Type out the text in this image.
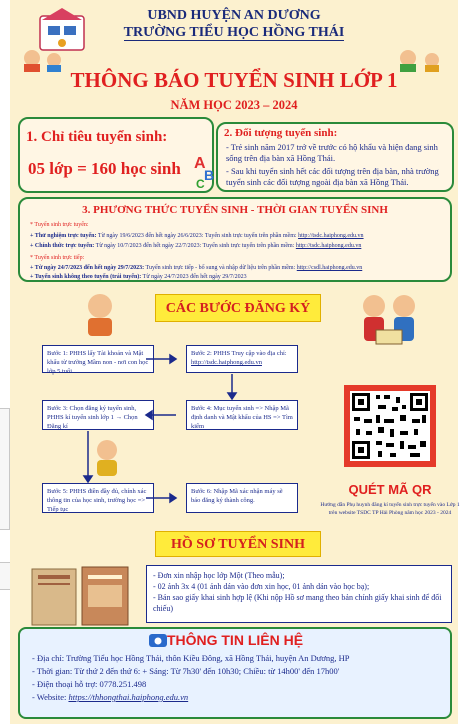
UBND HUYỆN AN DƯƠNG
TRƯỜNG TIỂU HỌC HỒNG THÁI
THÔNG BÁO TUYỂN SINH LỚP 1
NĂM HỌC 2023 – 2024
1. Chỉ tiêu tuyển sinh:
05 lớp = 160 học sinh A
B
C
2. Đối tượng tuyển sinh:
- Trẻ sinh năm 2017 trở về trước có hộ khẩu và hiện đang sinh sống trên địa bàn xã Hồng Thái.
- Sau khi tuyển sinh hết các đối tượng trên địa bàn, nhà trường tuyển sinh các đối tượng ngoài địa bàn xã Hồng Thái.
3. PHƯƠNG THỨC TUYỂN SINH - THỜI GIAN TUYỂN SINH
* Tuyển sinh trực tuyến:
+ Thử nghiệm trực tuyến: Từ ngày 19/6/2023 đến hết ngày 26/6/2023: Tuyển sinh trực tuyến trên phần mềm: http://tsdc.haiphong.edu.vn
+ Chính thức trực tuyến: Từ ngày 10/7/2023 đến hết ngày 22/7/2023: Tuyển sinh trực tuyến trên phần mềm: http://tsdc.haiphong.edu.vn
* Tuyển sinh trực tiếp:
+ Từ ngày 24/7/2023 đến hết ngày 29/7/2023: Tuyển sinh trực tiếp - bổ sung và nhập dữ liệu trên phần mềm: http://csdl.haiphong.edu.vn
+ Tuyển sinh không theo tuyến (trái tuyến): Từ ngày 24/7/2023 đến hết ngày 29/7/2023
CÁC BƯỚC ĐĂNG KÝ
Bước 1: PHHS lấy Tài khoản và Mật khẩu từ trường Mầm non - nơi con học lớp 5 tuổi.
Bước 2: PHHS Truy cập vào địa chỉ:
http://tsdc.haiphong.edu.vn
Bước 3: Chọn đăng ký tuyển sinh, PHHS kí tuyển sinh lớp 1 → Chọn Đăng kí
Bước 4: Mục tuyển sinh => Nhập Mã định danh và Mật khẩu của HS => Tìm kiếm
Bước 5: PHHS điền đầy đủ, chính xác thông tin của học sinh, trường học => Tiếp tục
Bước 6: Nhập Mã xác nhận máy sẽ báo đăng ký thành công.
QUÉT MÃ QR
Hướng dẫn Phụ huynh đăng kí tuyển sinh trực tuyến vào Lớp 1 trên website TSDC TP Hải Phòng năm học 2023 - 2024
HỒ SƠ TUYỂN SINH
- Đơn xin nhập học lớp Một (Theo mẫu);
- 02 ảnh 3x 4 (01 ảnh dán vào đơn xin học, 01 ảnh dán vào học bạ);
- Bản sao giấy khai sinh hợp lệ (Khi nộp Hồ sơ mang theo bản chính giấy khai sinh để đối chiếu)
THÔNG TIN LIÊN HỆ
- Địa chỉ: Trường Tiểu học Hồng Thái, thôn Kiều Đông, xã Hồng Thái, huyện An Dương, HP
- Thời gian: Từ thứ 2 đến thứ 6: + Sáng: Từ 7h30' đến 10h30; Chiều: từ 14h00' đến 17h00'
- Điện thoại hỗ trợ: 0778.251.498
- Website: https://thhongthai.haiphong.edu.vn
